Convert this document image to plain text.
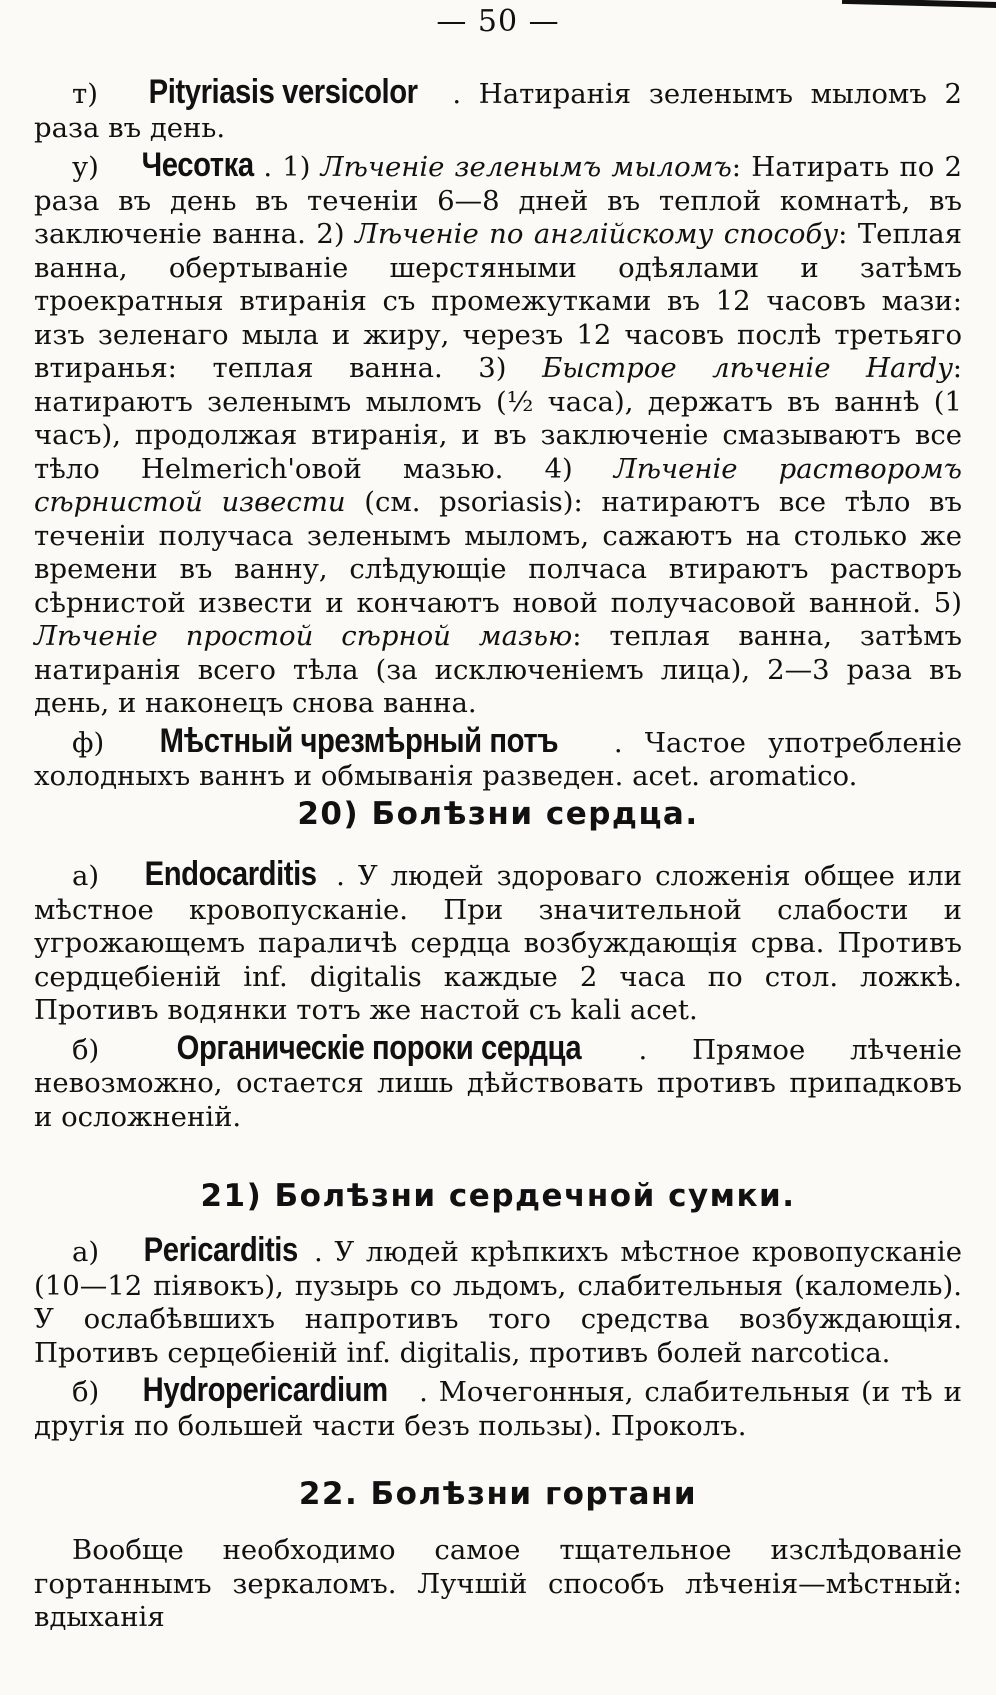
— 50 —

т) Pityriasis versicolor . Натиранія зеленымъ мыломъ 2 раза въ день.

у) Чесотка . 1) Лѣченіе зеленымъ мыломъ: Натирать по 2 раза въ день въ теченіи 6—8 дней въ теплой комнатѣ, въ заключеніе ванна. 2) Лѣченіе по англійскому способу: Теплая ванна, обертываніе шерстяными одѣялами и затѣмъ троекратныя втиранія съ промежутками въ 12 часовъ мази: изъ зеленаго мыла и жиру, черезъ 12 часовъ послѣ третьяго втиранья: теплая ванна. 3) Быстрое лѣченіе Hardy: натираютъ зеленымъ мыломъ (½ часа), держатъ въ ваннѣ (1 часъ), продолжая втиранія, и въ заключеніе смазываютъ все тѣло Helmerich'овой мазью. 4) Лѣченіе растворомъ сѣрнистой извести (см. psoriasis): натираютъ все тѣло въ теченіи получаса зеленымъ мыломъ, сажаютъ на столько же времени въ ванну, слѣдующіе полчаса втираютъ растворъ сѣрнистой извести и кончаютъ новой получасовой ванной. 5) Лѣченіе простой сѣрной мазью: теплая ванна, затѣмъ натиранія всего тѣла (за исключеніемъ лица), 2—3 раза въ день, и наконецъ снова ванна.

ф) Мѣстный чрезмѣрный потъ . Частое употребленіе холодныхъ ваннъ и обмыванія разведен. acet. aromatico.

20) Болѣзни сердца.

а) Endocarditis . У людей здороваго сложенія общее или мѣстное кровопусканіе. При значительной слабости и угрожающемъ параличѣ сердца возбуждающія срва. Противъ сердцебіеній inf. digitalis каждые 2 часа по стол. ложкѣ. Противъ водянки тотъ же настой съ kali acet.

б) Органическіе пороки сердца . Прямое лѣченіе невозможно, остается лишь дѣйствовать противъ припадковъ и осложненій.

21) Болѣзни сердечной сумки.

а) Pericarditis . У людей крѣпкихъ мѣстное кровопусканіе (10—12 піявокъ), пузырь со льдомъ, слабительныя (каломель). У ослабѣвшихъ напротивъ того средства возбуждающія. Противъ серцебіеній inf. digitalis, противъ болей narcotica.

б) Hydropericardium . Мочегонныя, слабительныя (и тѣ и другія по большей части безъ пользы). Проколъ.

22. Болѣзни гортани

Вообще необходимо самое тщательное изслѣдованіе гортаннымъ зеркаломъ. Лучшій способъ лѣченія—мѣстный: вдыханія
